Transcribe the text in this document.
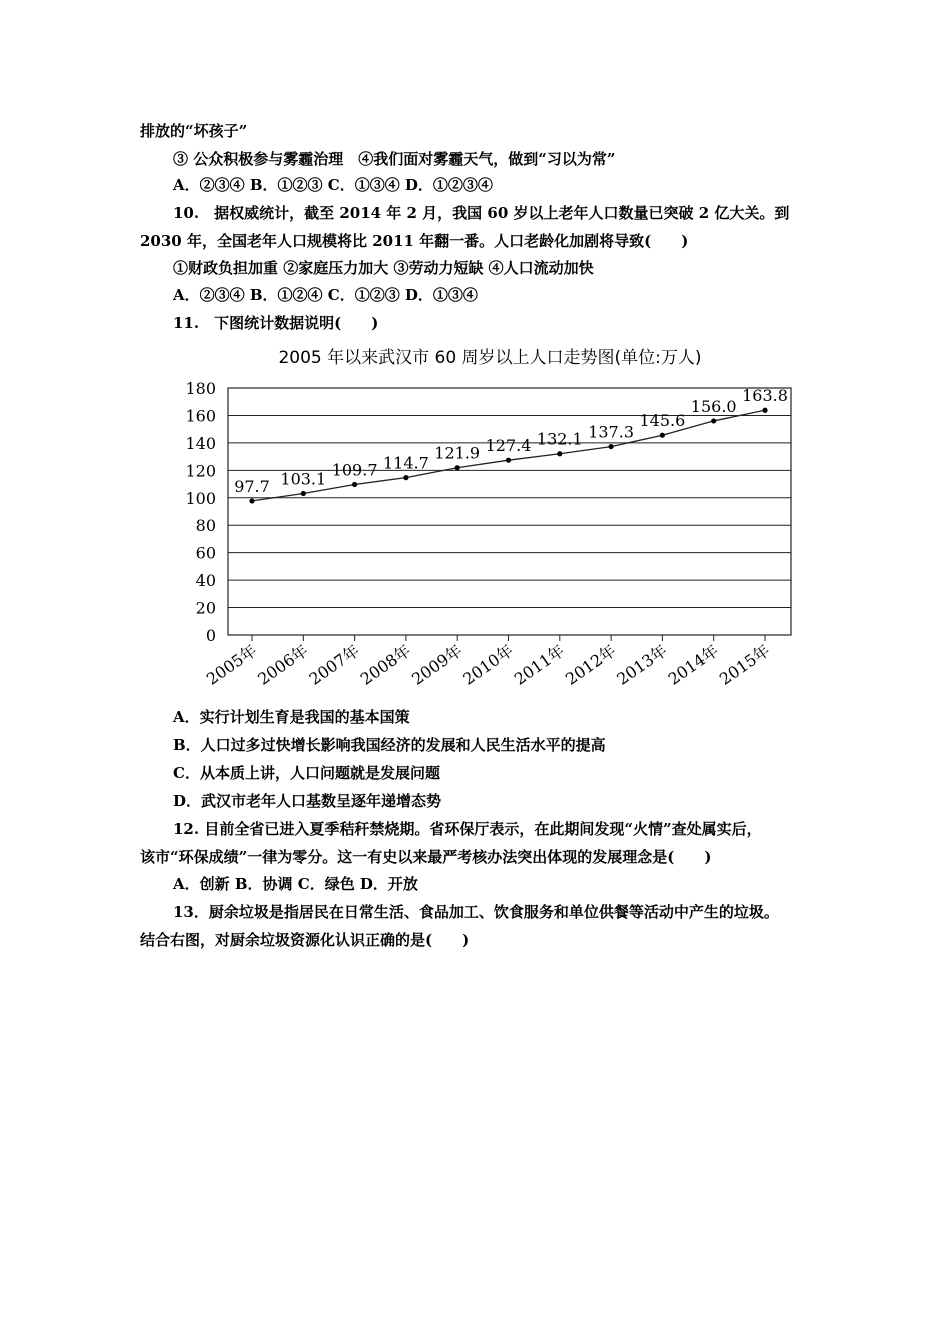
排放的“坏孩子”
③ 公众积极参与雾霾治理　④我们面对雾霾天气，做到“习以为常”
A．②③④ B．①②③ C．①③④ D．①②③④
10.　据权威统计，截至 2014 年 2 月，我国 60 岁以上老年人口数量已突破 2 亿大关。到
2030 年，全国老年人口规模将比 2011 年翻一番。人口老龄化加剧将导致(　　)
①财政负担加重 ②家庭压力加大 ③劳动力短缺 ④人口流动加快
A．②③④ B．①②④ C．①②③ D．①③④
11.　下图统计数据说明(　　)
2005 年以来武汉市 60 周岁以上人口走势图(单位:万人)
0
20
40
60
80
100
120
140
160
180
2005年
2006年
2007年
2008年
2009年
2010年
2011年
2012年
2013年
2014年
2015年
97.7 103.1 109.7 114.7
121.9 127.4 132.1 137.3
145.6
156.0
163.8
A．实行计划生育是我国的基本国策
B．人口过多过快增长影响我国经济的发展和人民生活水平的提高
C．从本质上讲，人口问题就是发展问题
D．武汉市老年人口基数呈逐年递增态势
12. 目前全省已进入夏季秸秆禁烧期。省环保厅表示，在此期间发现“火情”查处属实后，
该市“环保成绩”一律为零分。这一有史以来最严考核办法突出体现的发展理念是(　　)
A．创新 B．协调 C．绿色 D．开放
13．厨余垃圾是指居民在日常生活、食品加工、饮食服务和单位供餐等活动中产生的垃圾。
结合右图，对厨余垃圾资源化认识正确的是(　　)
